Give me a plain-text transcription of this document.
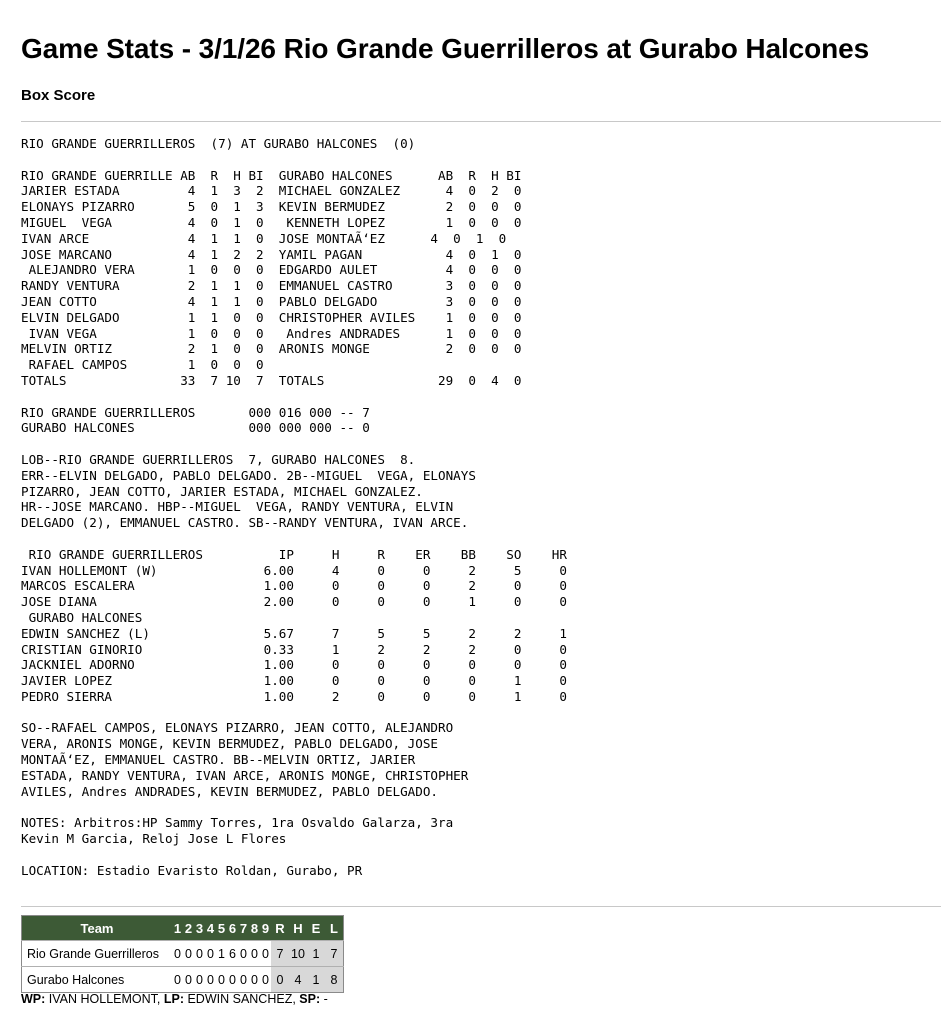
Game Stats - 3/1/26 Rio Grande Guerrilleros at Gurabo Halcones
Box Score
RIO GRANDE GUERRILLEROS  (7) AT GURABO HALCONES  (0)

RIO GRANDE GUERRILLE AB  R  H BI  GURABO HALCONES      AB  R  H BI
JARIER ESTADA         4  1  3  2  MICHAEL GONZALEZ      4  0  2  0
ELONAYS PIZARRO       5  0  1  3  KEVIN BERMUDEZ        2  0  0  0
MIGUEL  VEGA          4  0  1  0   KENNETH LOPEZ        1  0  0  0
IVAN ARCE             4  1  1  0  JOSE MONTAÃ‘EZ      4  0  1  0
JOSE MARCANO          4  1  2  2  YAMIL PAGAN           4  0  1  0
ALEJANDRO VERA       1  0  0  0  EDGARDO AULET         4  0  0  0
RANDY VENTURA         2  1  1  0  EMMANUEL CASTRO       3  0  0  0
JEAN COTTO            4  1  1  0  PABLO DELGADO         3  0  0  0
ELVIN DELGADO         1  1  0  0  CHRISTOPHER AVILES    1  0  0  0
IVAN VEGA            1  0  0  0   Andres ANDRADES      1  0  0  0
MELVIN ORTIZ          2  1  0  0  ARONIS MONGE          2  0  0  0
RAFAEL CAMPOS        1  0  0  0
TOTALS               33  7 10  7  TOTALS               29  0  4  0

RIO GRANDE GUERRILLEROS       000 016 000 -- 7
GURABO HALCONES               000 000 000 -- 0

LOB--RIO GRANDE GUERRILLEROS  7, GURABO HALCONES  8.
ERR--ELVIN DELGADO, PABLO DELGADO. 2B--MIGUEL  VEGA, ELONAYS
PIZARRO, JEAN COTTO, JARIER ESTADA, MICHAEL GONZALEZ.
HR--JOSE MARCANO. HBP--MIGUEL  VEGA, RANDY VENTURA, ELVIN
DELGADO (2), EMMANUEL CASTRO. SB--RANDY VENTURA, IVAN ARCE.

RIO GRANDE GUERRILLEROS          IP     H     R    ER    BB    SO    HR
IVAN HOLLEMONT (W)              6.00     4     0     0     2     5     0
MARCOS ESCALERA                 1.00     0     0     0     2     0     0
JOSE DIANA                      2.00     0     0     0     1     0     0
GURABO HALCONES
EDWIN SANCHEZ (L)               5.67     7     5     5     2     2     1
CRISTIAN GINORIO                0.33     1     2     2     2     0     0
JACKNIEL ADORNO                 1.00     0     0     0     0     0     0
JAVIER LOPEZ                    1.00     0     0     0     0     1     0
PEDRO SIERRA                    1.00     2     0     0     0     1     0

SO--RAFAEL CAMPOS, ELONAYS PIZARRO, JEAN COTTO, ALEJANDRO
VERA, ARONIS MONGE, KEVIN BERMUDEZ, PABLO DELGADO, JOSE
MONTAÃ‘EZ, EMMANUEL CASTRO. BB--MELVIN ORTIZ, JARIER
ESTADA, RANDY VENTURA, IVAN ARCE, ARONIS MONGE, CHRISTOPHER
AVILES, Andres ANDRADES, KEVIN BERMUDEZ, PABLO DELGADO.

NOTES: Arbitros:HP Sammy Torres, 1ra Osvaldo Galarza, 3ra
Kevin M Garcia, Reloj Jose L Flores

LOCATION: Estadio Evaristo Roldan, Gurabo, PR
Team	1	2	3	4	5	6	7	8	9	R	H	E	L
Rio Grande Guerrilleros	0	0	0	0	1	6	0	0	0	7	10	1	7
Gurabo Halcones	0	0	0	0	0	0	0	0	0	0	4	1	8
WP: IVAN HOLLEMONT, LP: EDWIN SANCHEZ, SP: -
